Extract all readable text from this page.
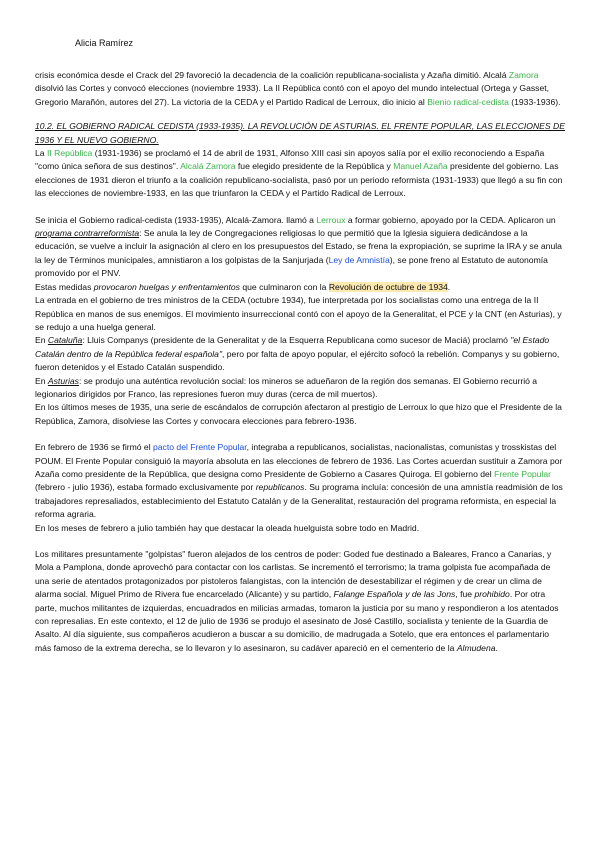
Alicia Ramírez

crisis económica desde el Crack del 29 favoreció la decadencia de la coalición republicana-socialista y Azaña dimitió. Alcalá Zamora disolvió las Cortes y convocó elecciones (noviembre 1933). La II República contó con el apoyo del mundo intelectual (Ortega y Gasset, Gregorio Marañón, autores del 27). La victoria de la CEDA y el Partido Radical de Lerroux, dio inicio al Bienio radical-cedista (1933-1936).

10.2. EL GOBIERNO RADICAL CEDISTA (1933-1935). LA REVOLUCIÓN DE ASTURIAS. EL FRENTE POPULAR, LAS ELECCIONES DE 1936 Y EL NUEVO GOBIERNO.

La II República (1931-1936) se proclamó el 14 de abril de 1931, Alfonso XIII casi sin apoyos salía por el exilio reconociendo a España "como única señora de sus destinos". Alcalá Zamora fue elegido presidente de la República y Manuel Azaña presidente del gobierno. Las elecciones de 1931 dieron el triunfo a la coalición republicano-socialista, pasó por un periodo reformista (1931-1933) que llegó a su fin con las elecciones de noviembre-1933, en las que triunfaron la CEDA y el Partido Radical de Lerroux.

Se inicia el Gobierno radical-cedista (1933-1935), Alcalá-Zamora. llamó a Lerroux a formar gobierno, apoyado por la CEDA. Aplicaron un programa contrarreformista: Se anula la ley de Congregaciones religiosas lo que permitió que la Iglesia siguiera dedicándose a la educación, se vuelve a incluir la asignación al clero en los presupuestos del Estado, se frena la expropiación, se suprime la IRA y se anula la ley de Términos municipales, amnistiaron a los golpistas de la Sanjurjada (Ley de Amnistía), se pone freno al Estatuto de autonomía promovido por el PNV.

Estas medidas provocaron huelgas y enfrentamientos que culminaron con la Revolución de octubre de 1934.

La entrada en el gobierno de tres ministros de la CEDA (octubre 1934), fue interpretada por los socialistas como una entrega de la II República en manos de sus enemigos. El movimiento insurreccional contó con el apoyo de la Generalitat, el PCE y la CNT (en Asturias), y se redujo a una huelga general.

En Cataluña: Lluis Companys (presidente de la Generalitat y de la Esquerra Republicana como sucesor de Maciá) proclamó "el Estado Catalán dentro de la República federal española", pero por falta de apoyo popular, el ejército sofocó la rebelión. Companys y su gobierno, fueron detenidos y el Estado Catalán suspendido.

En Asturias: se produjo una auténtica revolución social: los mineros se adueñaron de la región dos semanas. El Gobierno recurrió a legionarios dirigidos por Franco, las represiones fueron muy duras (cerca de mil muertos).

En los últimos meses de 1935, una serie de escándalos de corrupción afectaron al prestigio de Lerroux lo que hizo que el Presidente de la República, Zamora, disolviese las Cortes y convocara elecciones para febrero-1936.

En febrero de 1936 se firmó el pacto del Frente Popular, integraba a republicanos, socialistas, nacionalistas, comunistas y trosskistas del POUM. El Frente Popular consiguió la mayoría absoluta en las elecciones de febrero de 1936. Las Cortes acuerdan sustituir a Zamora por Azaña como presidente de la República, que designa como Presidente de Gobierno a Casares Quiroga. El gobierno del Frente Popular (febrero - julio 1936), estaba formado exclusivamente por republicanos. Su programa incluía: concesión de una amnistía readmisión de los trabajadores represaliados, establecimiento del Estatuto Catalán y de la Generalitat, restauración del programa reformista, en especial la reforma agraria.

En los meses de febrero a julio también hay que destacar la oleada huelguista sobre todo en Madrid.

Los militares presuntamente "golpistas" fueron alejados de los centros de poder: Goded fue destinado a Baleares, Franco a Canarias, y Mola a Pamplona, donde aprovechó para contactar con los carlistas. Se incrementó el terrorismo; la trama golpista fue acompañada de una serie de atentados protagonizados por pistoleros falangistas, con la intención de desestabilizar el régimen y de crear un clima de alarma social. Miguel Primo de Rivera fue encarcelado (Alicante) y su partido, Falange Española y de las Jons, fue prohibido. Por otra parte, muchos militantes de izquierdas, encuadrados en milicias armadas, tomaron la justicia por su mano y respondieron a los atentados con represalias. En este contexto, el 12 de julio de 1936 se produjo el asesinato de José Castillo, socialista y teniente de la Guardia de Asalto. Al día siguiente, sus compañeros acudieron a buscar a su domicilio, de madrugada a Sotelo, que era entonces el parlamentario más famoso de la extrema derecha, se lo llevaron y lo asesinaron, su cadáver apareció en el cementerio de la Almudena.
